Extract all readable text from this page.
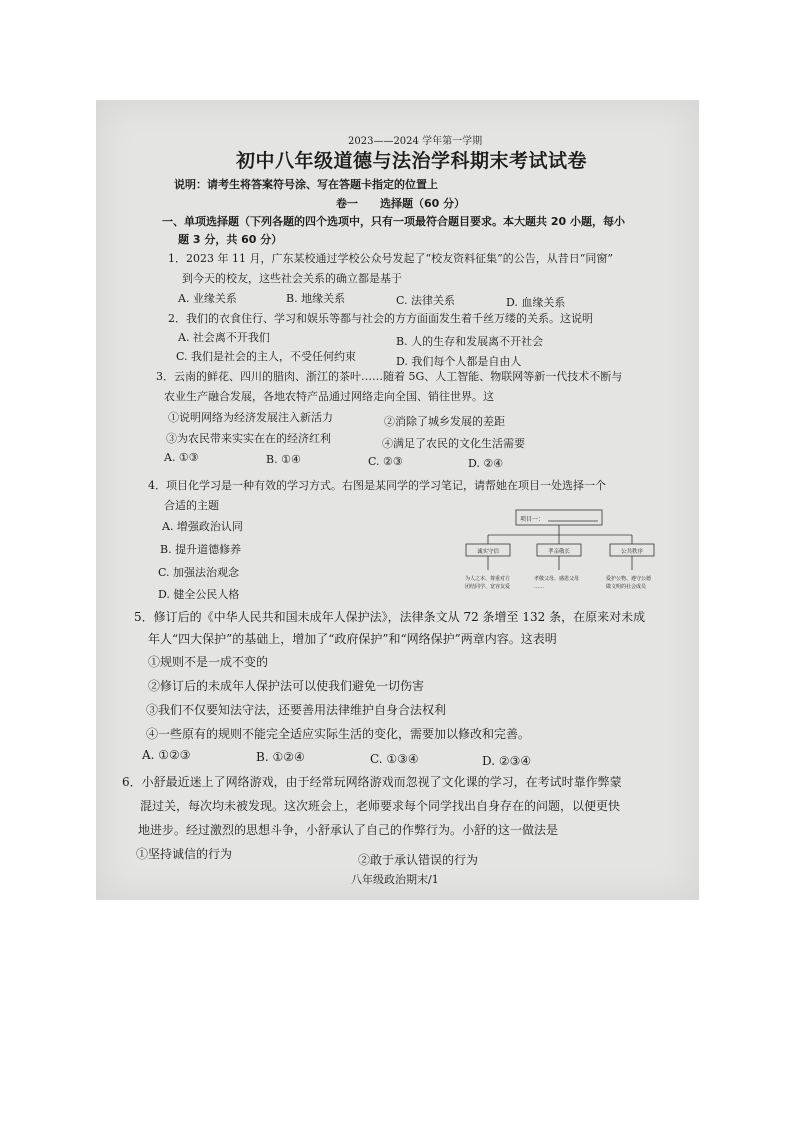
2023——2024 学年第一学期
初中八年级道德与法治学科期末考试试卷
说明：请考生将答案符号涂、写在答题卡指定的位置上
卷一　　选择题（60 分）
一、单项选择题（下列各题的四个选项中，只有一项最符合题目要求。本大题共 20 小题，每小
题 3 分，共 60 分）
1．2023 年 11 月，广东某校通过学校公众号发起了“校友资料征集”的公告，从昔日“同窗”
到今天的校友，这些社会关系的确立都是基于
A. 业缘关系	B. 地缘关系	C. 法律关系	D. 血缘关系
2．我们的衣食住行、学习和娱乐等都与社会的方方面面发生着千丝万缕的关系。这说明
A. 社会离不开我们	B. 人的生存和发展离不开社会
C. 我们是社会的主人，不受任何约束	D. 我们每个人都是自由人
3．云南的鲜花、四川的腊肉、浙江的茶叶……随着 5G、人工智能、物联网等新一代技术不断与
农业生产融合发展，各地农特产品通过网络走向全国、销往世界。这
①说明网络为经济发展注入新活力	②消除了城乡发展的差距
③为农民带来实实在在的经济红利	④满足了农民的文化生活需要
A. ①③	B. ①④	C. ②③	D. ②④
4．项目化学习是一种有效的学习方式。右图是某同学的学习笔记，请帮她在项目一处选择一个
合适的主题
A. 增强政治认同
B. 提升道德修养
C. 加强法治观念
D. 健全公民人格
项目一：
诚实守信	孝亲敬长	公共秩序
为人之本、尊重对方
团结同学、宽容友爱
孝敬父母、感恩父母
……
爱护公物、遵守公德
做文明的社会成员
5．修订后的《中华人民共和国未成年人保护法》，法律条文从 72 条增至 132 条，在原来对未成
年人“四大保护”的基础上，增加了“政府保护”和“网络保护”两章内容。这表明
①规则不是一成不变的
②修订后的未成年人保护法可以使我们避免一切伤害
③我们不仅要知法守法，还要善用法律维护自身合法权利
④一些原有的规则不能完全适应实际生活的变化，需要加以修改和完善。
A. ①②③	B. ①②④	C. ①③④	D. ②③④
6．小舒最近迷上了网络游戏，由于经常玩网络游戏而忽视了文化课的学习，在考试时靠作弊蒙
混过关，每次均未被发现。这次班会上，老师要求每个同学找出自身存在的问题，以便更快
地进步。经过激烈的思想斗争，小舒承认了自己的作弊行为。小舒的这一做法是
①坚持诚信的行为	②敢于承认错误的行为
八年级政治期末/1
